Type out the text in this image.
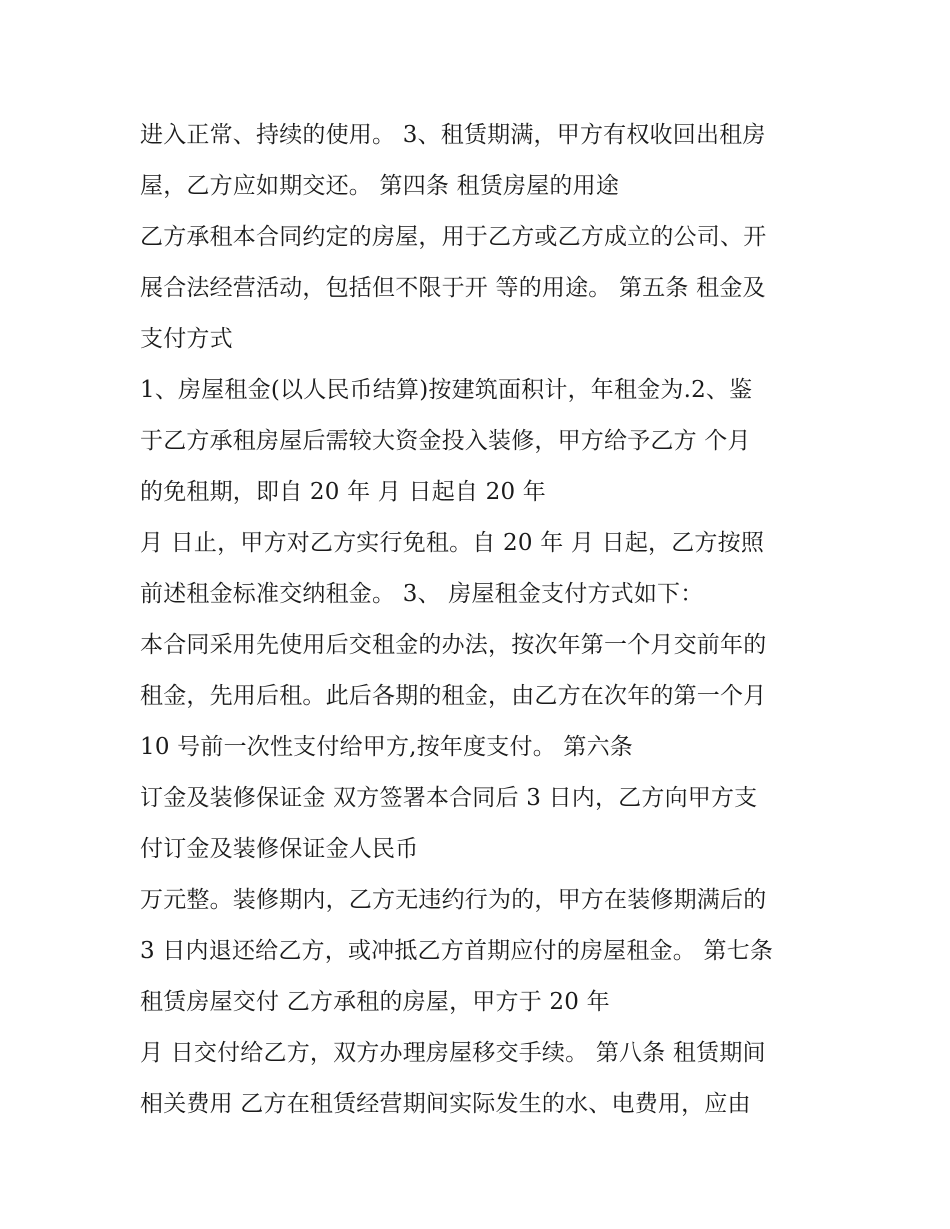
进入正常、持续的使用。 3、租赁期满，甲方有权收回出租房
屋，乙方应如期交还。 第四条 租赁房屋的用途
乙方承租本合同约定的房屋，用于乙方或乙方成立的公司、开
展合法经营活动，包括但不限于开 等的用途。 第五条 租金及
支付方式
1、房屋租金(以人民币结算)按建筑面积计，年租金为.2、鉴
于乙方承租房屋后需较大资金投入装修，甲方给予乙方 个月
的免租期，即自 20 年 月 日起自 20 年
月 日止，甲方对乙方实行免租。自 20 年 月 日起，乙方按照
前述租金标准交纳租金。 3、 房屋租金支付方式如下：
本合同采用先使用后交租金的办法，按次年第一个月交前年的
租金，先用后租。此后各期的租金，由乙方在次年的第一个月
10 号前一次性支付给甲方,按年度支付。 第六条
订金及装修保证金 双方签署本合同后 3 日内，乙方向甲方支
付订金及装修保证金人民币
万元整。装修期内，乙方无违约行为的，甲方在装修期满后的
3 日内退还给乙方，或冲抵乙方首期应付的房屋租金。 第七条
租赁房屋交付 乙方承租的房屋，甲方于 20 年
月 日交付给乙方，双方办理房屋移交手续。 第八条 租赁期间
相关费用 乙方在租赁经营期间实际发生的水、电费用，应由
